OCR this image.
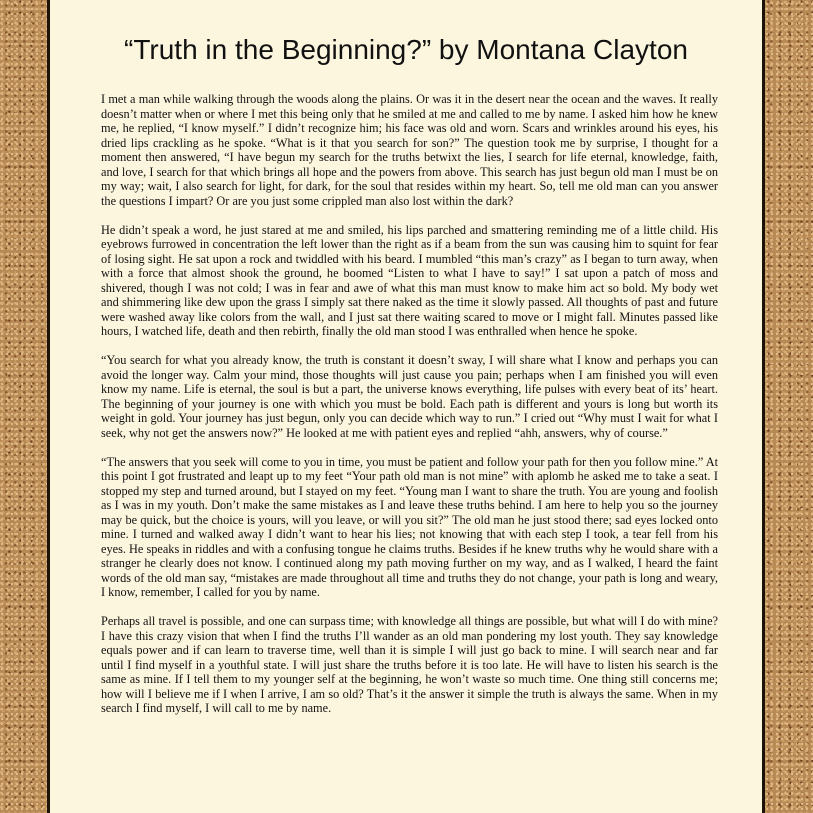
“Truth in the Beginning?” by Montana Clayton

I met a man while walking through the woods along the plains. Or was it in the desert near the ocean and the waves. It really doesn’t matter when or where I met this being only that he smiled at me and called to me by name. I asked him how he knew me, he replied, “I know myself.” I didn’t recognize him; his face was old and worn. Scars and wrinkles around his eyes, his dried lips crackling as he spoke. “What is it that you search for son?” The question took me by surprise, I thought for a moment then answered, “I have begun my search for the truths betwixt the lies, I search for life eternal, knowledge, faith, and love, I search for that which brings all hope and the powers from above. This search has just begun old man I must be on my way; wait, I also search for light, for dark, for the soul that resides within my heart. So, tell me old man can you answer the questions I impart? Or are you just some crippled man also lost within the dark?

He didn’t speak a word, he just stared at me and smiled, his lips parched and smattering reminding me of a little child. His eyebrows furrowed in concentration the left lower than the right as if a beam from the sun was causing him to squint for fear of losing sight. He sat upon a rock and twiddled with his beard. I mumbled “this man’s crazy” as I began to turn away, when with a force that almost shook the ground, he boomed “Listen to what I have to say!” I sat upon a patch of moss and shivered, though I was not cold; I was in fear and awe of what this man must know to make him act so bold. My body wet and shimmering like dew upon the grass I simply sat there naked as the time it slowly passed. All thoughts of past and future were washed away like colors from the wall, and I just sat there waiting scared to move or I might fall. Minutes passed like hours, I watched life, death and then rebirth, finally the old man stood I was enthralled when hence he spoke.

“You search for what you already know, the truth is constant it doesn’t sway, I will share what I know and perhaps you can avoid the longer way. Calm your mind, those thoughts will just cause you pain; perhaps when I am finished you will even know my name. Life is eternal, the soul is but a part, the universe knows everything, life pulses with every beat of its’ heart. The beginning of your journey is one with which you must be bold. Each path is different and yours is long but worth its weight in gold. Your journey has just begun, only you can decide which way to run.” I cried out “Why must I wait for what I seek, why not get the answers now?” He looked at me with patient eyes and replied “ahh, answers, why of course.”

“The answers that you seek will come to you in time, you must be patient and follow your path for then you follow mine.” At this point I got frustrated and leapt up to my feet “Your path old man is not mine” with aplomb he asked me to take a seat. I stopped my step and turned around, but I stayed on my feet. “Young man I want to share the truth. You are young and foolish as I was in my youth. Don’t make the same mistakes as I and leave these truths behind. I am here to help you so the journey may be quick, but the choice is yours, will you leave, or will you sit?” The old man he just stood there; sad eyes locked onto mine. I turned and walked away I didn’t want to hear his lies; not knowing that with each step I took, a tear fell from his eyes. He speaks in riddles and with a confusing tongue he claims truths. Besides if he knew truths why he would share with a stranger he clearly does not know. I continued along my path moving further on my way, and as I walked, I heard the faint words of the old man say, “mistakes are made throughout all time and truths they do not change, your path is long and weary, I know, remember, I called for you by name.

Perhaps all travel is possible, and one can surpass time; with knowledge all things are possible, but what will I do with mine? I have this crazy vision that when I find the truths I’ll wander as an old man pondering my lost youth. They say knowledge equals power and if can learn to traverse time, well than it is simple I will just go back to mine. I will search near and far until I find myself in a youthful state. I will just share the truths before it is too late. He will have to listen his search is the same as mine. If I tell them to my younger self at the beginning, he won’t waste so much time. One thing still concerns me; how will I believe me if I when I arrive, I am so old? That’s it the answer it simple the truth is always the same. When in my search I find myself, I will call to me by name.
